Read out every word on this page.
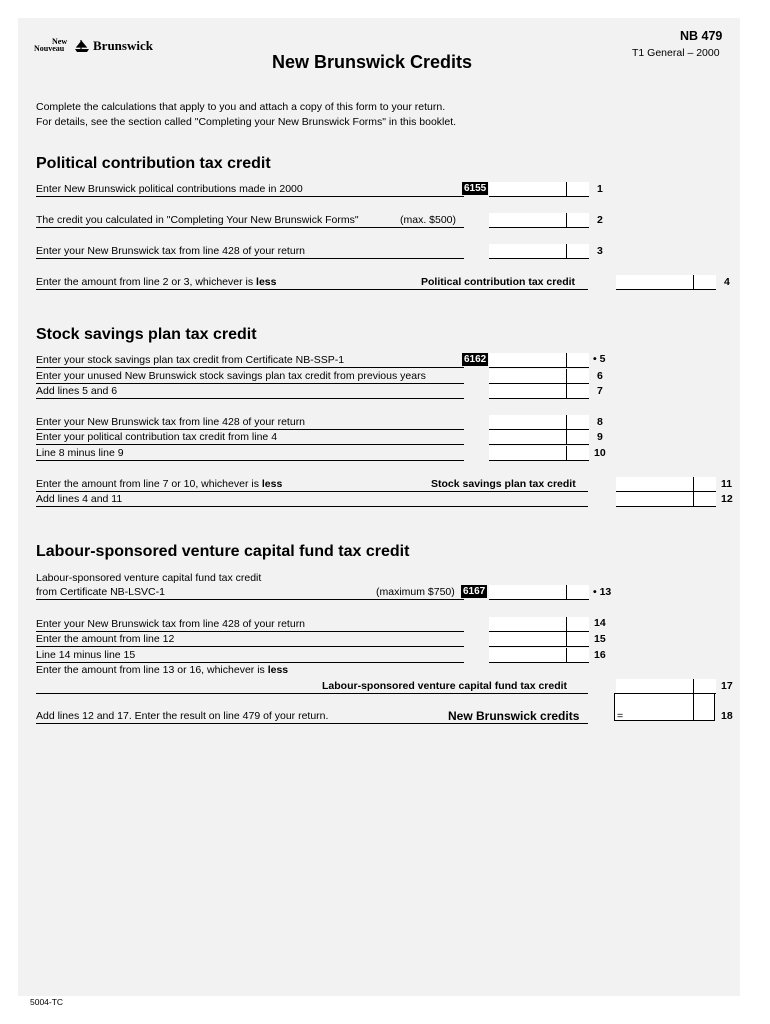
New
Nouveau Brunswick
New Brunswick Credits
NB 479
T1 General – 2000
Complete the calculations that apply to you and attach a copy of this form to your return.
For details, see the section called "Completing your New Brunswick Forms" in this booklet.
Political contribution tax credit
Enter New Brunswick political contributions made in 2000	6155	1
The credit you calculated in "Completing Your New Brunswick Forms"	(max. $500)	2
Enter your New Brunswick tax from line 428 of your return	3
Enter the amount from line 2 or 3, whichever is less	Political contribution tax credit	4
Stock savings plan tax credit
Enter your stock savings plan tax credit from Certificate NB-SSP-1	6162	• 5
Enter your unused New Brunswick stock savings plan tax credit from previous years	6
Add lines 5 and 6	7
Enter your New Brunswick tax from line 428 of your return	8
Enter your political contribution tax credit from line 4	9
Line 8 minus line 9	10
Enter the amount from line 7 or 10, whichever is less	Stock savings plan tax credit	11
Add lines 4 and 11	12
Labour-sponsored venture capital fund tax credit
Labour-sponsored venture capital fund tax credit
from Certificate NB-LSVC-1	(maximum $750) 6167	• 13
Enter your New Brunswick tax from line 428 of your return	14
Enter the amount from line 12	15
Line 14 minus line 15	16
Enter the amount from line 13 or 16, whichever is less
Labour-sponsored venture capital fund tax credit	17
Add lines 12 and 17. Enter the result on line 479 of your return.	New Brunswick credits	=	18
5004-TC
